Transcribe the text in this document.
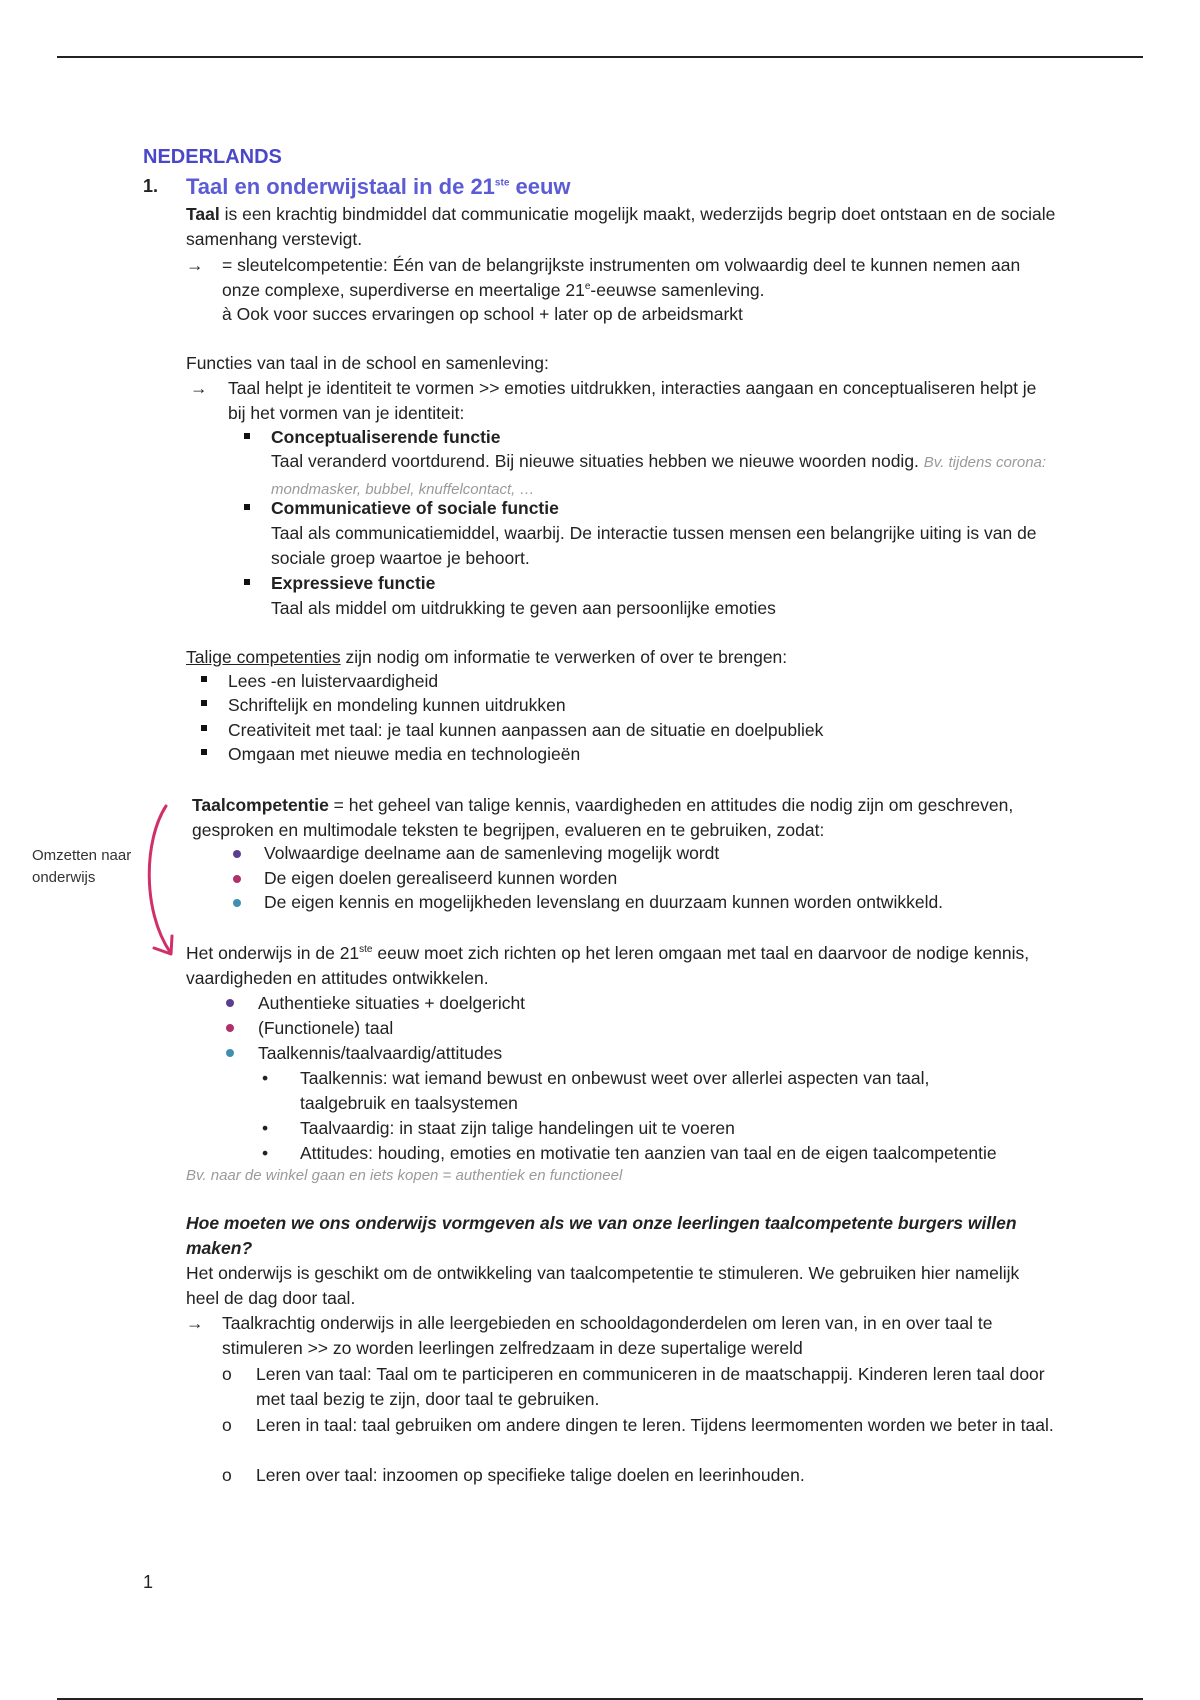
NEDERLANDS
1. Taal en onderwijstaal in de 21ste eeuw

Taal is een krachtig bindmiddel dat communicatie mogelijk maakt, wederzijds begrip doet ontstaan en de sociale samenhang verstevigt.

→ = sleutelcompetentie: Één van de belangrijkste instrumenten om volwaardig deel te kunnen nemen aan onze complexe, superdiverse en meertalige 21e-eeuwse samenleving.
à Ook voor succes ervaringen op school + later op de arbeidsmarkt

Functies van taal in de school en samenleving:

→ Taal helpt je identiteit te vormen >> emoties uitdrukken, interacties aangaan en conceptualiseren helpt je bij het vormen van je identiteit:

Conceptualiserende functie

Taal veranderd voortdurend. Bij nieuwe situaties hebben we nieuwe woorden nodig. Bv. tijdens corona: mondmasker, bubbel, knuffelcontact, …

Communicatieve of sociale functie

Taal als communicatiemiddel, waarbij. De interactie tussen mensen een belangrijke uiting is van de sociale groep waartoe je behoort.

Expressieve functie

Taal als middel om uitdrukking te geven aan persoonlijke emoties

Talige competenties zijn nodig om informatie te verwerken of over te brengen:

Lees -en luistervaardigheid

Schriftelijk en mondeling kunnen uitdrukken

Creativiteit met taal: je taal kunnen aanpassen aan de situatie en doelpubliek

Omgaan met nieuwe media en technologieën

Taalcompetentie = het geheel van talige kennis, vaardigheden en attitudes die nodig zijn om geschreven, gesproken en multimodale teksten te begrijpen, evalueren en te gebruiken, zodat:

Volwaardige deelname aan de samenleving mogelijk wordt

De eigen doelen gerealiseerd kunnen worden

De eigen kennis en mogelijkheden levenslang en duurzaam kunnen worden ontwikkeld.

Omzetten naar onderwijs

Het onderwijs in de 21ste eeuw moet zich richten op het leren omgaan met taal en daarvoor de nodige kennis, vaardigheden en attitudes ontwikkelen.

Authentieke situaties + doelgericht

(Functionele) taal

Taalkennis/taalvaardig/attitudes

• Taalkennis: wat iemand bewust en onbewust weet over allerlei aspecten van taal, taalgebruik en taalsystemen

• Taalvaardig: in staat zijn talige handelingen uit te voeren

• Attitudes: houding, emoties en motivatie ten aanzien van taal en de eigen taalcompetentie

Bv. naar de winkel gaan en iets kopen = authentiek en functioneel

Hoe moeten we ons onderwijs vormgeven als we van onze leerlingen taalcompetente burgers willen maken?

Het onderwijs is geschikt om de ontwikkeling van taalcompetentie te stimuleren. We gebruiken hier namelijk heel de dag door taal.

→ Taalkrachtig onderwijs in alle leergebieden en schooldagonderdelen om leren van, in en over taal te stimuleren >> zo worden leerlingen zelfredzaam in deze supertalige wereld

o Leren van taal: Taal om te participeren en communiceren in de maatschappij. Kinderen leren taal door met taal bezig te zijn, door taal te gebruiken.

o Leren in taal: taal gebruiken om andere dingen te leren. Tijdens leermomenten worden we beter in taal.

o Leren over taal: inzoomen op specifieke talige doelen en leerinhouden.

1
